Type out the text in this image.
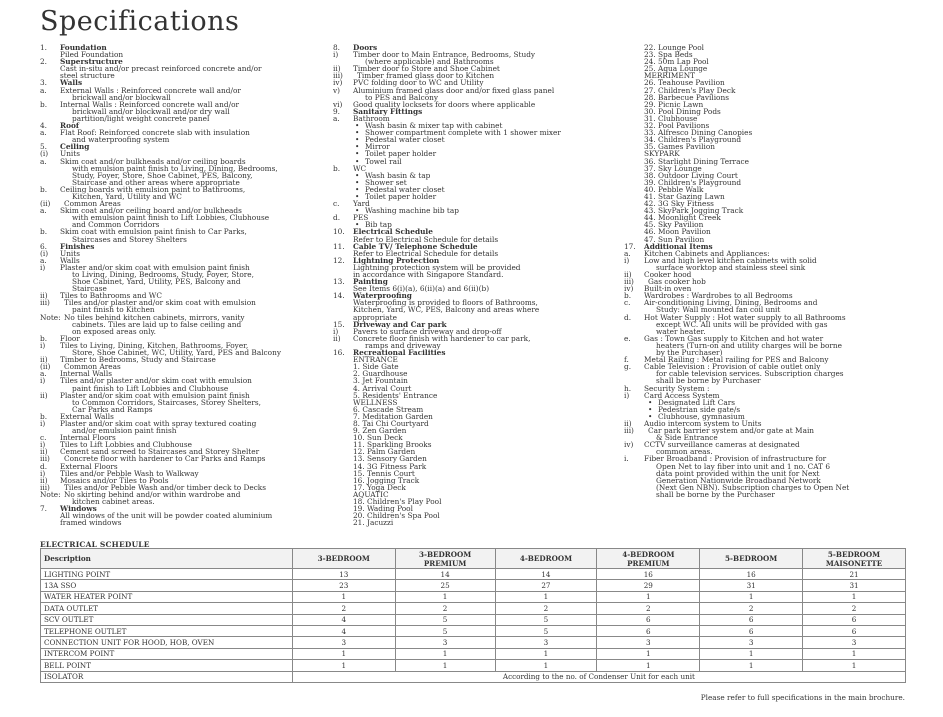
Specifications
1. Foundation
Piled Foundation
2. Superstructure
Cast in-situ and/or precast reinforced concrete and/or
steel structure
3. Walls
a. External Walls : Reinforced concrete wall and/or
brickwall and/or blockwall
b. Internal Walls : Reinforced concrete wall and/or
brickwall and/or blockwall and/or dry wall
partition/light weight concrete panel
4. Roof
a. Flat Roof: Reinforced concrete slab with insulation
and waterproofing system
5. Ceiling
(i) Units
a. Skim coat and/or bulkheads and/or ceiling boards
with emulsion paint finish to Living, Dining, Bedrooms,
Study, Foyer, Store, Shoe Cabinet, PES, Balcony,
Staircase and other areas where appropriate
b. Ceiling boards with emulsion paint to Bathrooms,
Kitchen, Yard, Utility and WC
(ii) Common Areas
a. Skim coat and/or ceiling board and/or bulkheads
with emulsion paint finish to Lift Lobbies, Clubhouse
and Common Corridors
b. Skim coat with emulsion paint finish to Car Parks,
Staircases and Storey Shelters
6. Finishes
(i) Units
a. Walls
i) Plaster and/or skim coat with emulsion paint finish
to Living, Dining, Bedrooms, Study, Foyer, Store,
Shoe Cabinet, Yard, Utility, PES, Balcony and
Staircase
ii) Tiles to Bathrooms and WC
iii) Tiles and/or plaster and/or skim coat with emulsion
paint finish to Kitchen
Note: No tiles behind kitchen cabinets, mirrors, vanity
cabinets. Tiles are laid up to false ceiling and
on exposed areas only.
b. Floor
i) Tiles to Living, Dining, Kitchen, Bathrooms, Foyer,
Store, Shoe Cabinet, WC, Utility, Yard, PES and Balcony
ii) Timber to Bedrooms, Study and Staircase
(ii) Common Areas
a. Internal Walls
i) Tiles and/or plaster and/or skim coat with emulsion
paint finish to Lift Lobbies and Clubhouse
ii) Plaster and/or skim coat with emulsion paint finish
to Common Corridors, Staircases, Storey Shelters,
Car Parks and Ramps
b. External Walls
i) Plaster and/or skim coat with spray textured coating
and/or emulsion paint finish
c. Internal Floors
i) Tiles to Lift Lobbies and Clubhouse
ii) Cement sand screed to Staircases and Storey Shelter
iii) Concrete floor with hardener to Car Parks and Ramps
d. External Floors
i) Tiles and/or Pebble Wash to Walkway
ii) Mosaics and/or Tiles to Pools
iii) Tiles and/or Pebble Wash and/or timber deck to Decks
Note: No skirting behind and/or within wardrobe and
kitchen cabinet areas.
7. Windows
All windows of the unit will be powder coated aluminium
framed windows
8. Doors
i) Timber door to Main Entrance, Bedrooms, Study
(where applicable) and Bathrooms
ii) Timber door to Store and Shoe Cabinet
iii) Timber framed glass door to Kitchen
iv) PVC folding door to WC and Utility
v) Aluminium framed glass door and/or fixed glass panel
to PES and Balcony
vi) Good quality locksets for doors where applicable
9. Sanitary Fittings
a. Bathroom
• Wash basin & mixer tap with cabinet
• Shower compartment complete with 1 shower mixer
• Pedestal water closet
• Mirror
• Toilet paper holder
• Towel rail
b. WC
• Wash basin & tap
• Shower set
• Pedestal water closet
• Toilet paper holder
c. Yard
• Washing machine bib tap
d. PES
• Bib tap
10. Electrical Schedule
Refer to Electrical Schedule for details
11. Cable TV/ Telephone Schedule
Refer to Electrical Schedule for details
12. Lightning Protection
Lightning protection system will be provided
in accordance with Singapore Standard.
13. Painting
See Items 6(i)(a), 6(ii)(a) and 6(ii)(b)
14. Waterproofing
Waterproofing is provided to floors of Bathrooms,
Kitchen, Yard, WC, PES, Balcony and areas where
appropriate
15. Driveway and Car park
i) Pavers to surface driveway and drop-off
ii) Concrete floor finish with hardener to car park,
ramps and driveway
16. Recreational Facilities
ENTRANCE
1. Side Gate
2. Guardhouse
3. Jet Fountain
4. Arrival Court
5. Residents' Entrance
WELLNESS
6. Cascade Stream
7. Meditation Garden
8. Tai Chi Courtyard
9. Zen Garden
10. Sun Deck
11. Sparkling Brooks
12. Palm Garden
13. Sensory Garden
14. 3G Fitness Park
15. Tennis Court
16. Jogging Track
17. Yoga Deck
AQUATIC
18. Children's Play Pool
19. Wading Pool
20. Children's Spa Pool
21. Jacuzzi
22. Lounge Pool
23. Spa Beds
24. 50m Lap Pool
25. Aqua Lounge
MERRIMENT
26. Teahouse Pavilion
27. Children's Play Deck
28. Barbecue Pavilions
29. Picnic Lawn
30. Pool Dining Pods
31. Clubhouse
32. Pool Pavilions
33. Alfresco Dining Canopies
34. Children's Playground
35. Games Pavilion
SKYPARK
36. Starlight Dining Terrace
37. Sky Lounge
38. Outdoor Living Court
39. Children's Playground
40. Pebble Walk
41. Star Gazing Lawn
42. 3G Sky Fitness
43. SkyPark Jogging Track
44. Moonlight Creek
45. Sky Pavilion
46. Moon Pavilion
47. Sun Pavilion
17. Additional Items
a. Kitchen Cabinets and Appliances:
i) Low and high level kitchen cabinets with solid
surface worktop and stainless steel sink
ii) Cooker hood
iii) Gas cooker hob
iv) Built-in oven
b. Wardrobes : Wardrobes to all Bedrooms
c. Air-conditioning Living, Dining, Bedrooms and
Study: Wall mounted fan coil unit
d. Hot Water Supply : Hot water supply to all Bathrooms
except WC. All units will be provided with gas
water heater.
e. Gas : Town Gas supply to Kitchen and hot water
heaters (Turn-on and utility charges will be borne
by the Purchaser)
f. Metal Railing : Metal railing for PES and Balcony
g. Cable Television : Provision of cable outlet only
for cable television services. Subscription charges
shall be borne by Purchaser
h. Security System :
i) Card Access System
• Designated Lift Cars
• Pedestrian side gate/s
• Clubhouse, gymnasium
ii) Audio intercom system to Units
iii) Car park barrier system and/or gate at Main
& Side Entrance
iv) CCTV surveillance cameras at designated
common areas.
i. Fiber Broadband : Provision of infrastructure for
Open Net to lay fiber into unit and 1 no. CAT 6
data point provided within the unit for Next
Generation Nationwide Broadband Network
(Next Gen NBN). Subscription charges to Open Net
shall be borne by the Purchaser
ELECTRICAL SCHEDULE
Description	3-BEDROOM	3-BEDROOM PREMIUM	4-BEDROOM	4-BEDROOM PREMIUM	5-BEDROOM	5-BEDROOM MAISONETTE
LIGHTING POINT	13	14	14	16	16	21
13A SSO	23	25	27	29	31	31
WATER HEATER POINT	1	1	1	1	1	1
DATA OUTLET	2	2	2	2	2	2
SCV OUTLET	4	5	5	6	6	6
TELEPHONE OUTLET	4	5	5	6	6	6
CONNECTION UNIT FOR HOOD, HOB, OVEN	3	3	3	3	3	3
INTERCOM POINT	1	1	1	1	1	1
BELL POINT	1	1	1	1	1	1
ISOLATOR	According to the no. of Condenser Unit for each unit					
Please refer to full specifications in the main brochure.
